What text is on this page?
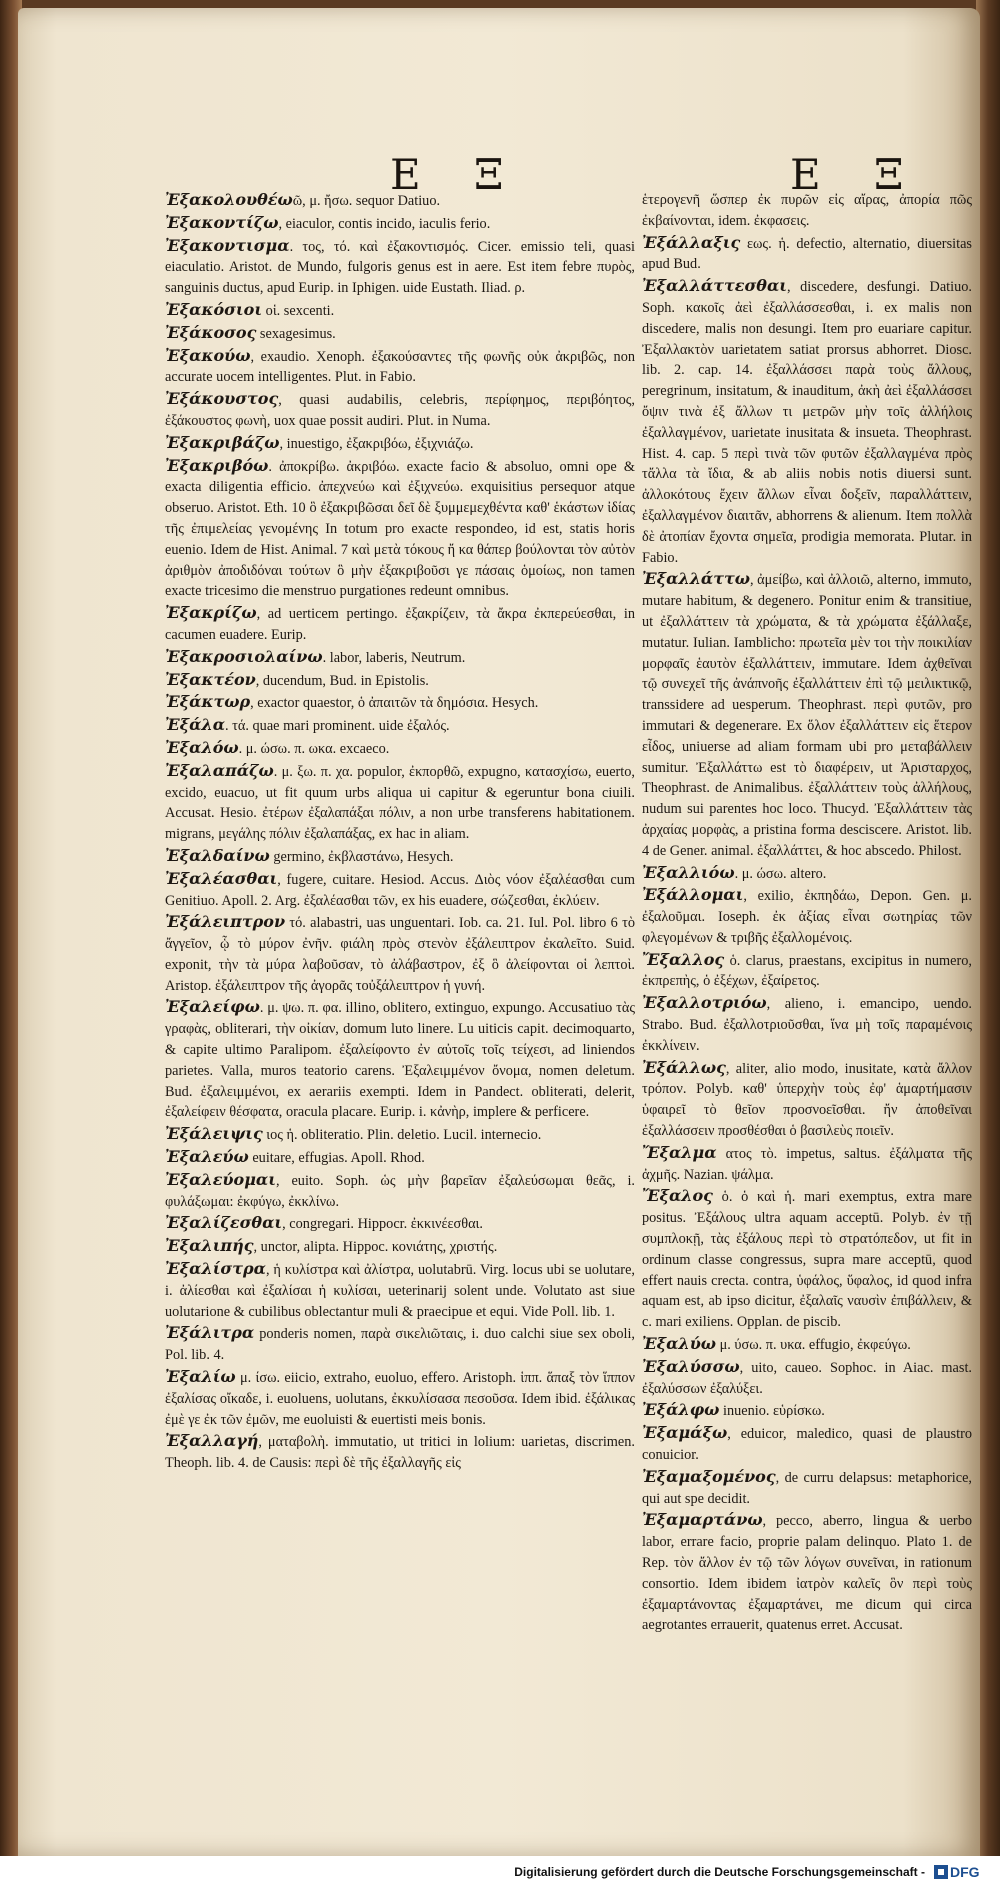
Ε Ξ	Ε Ξ

Ἐξακολουθέωῶ, μ. ἤσω. sequor Datiuo.

Ἐξακοντίζω, eiaculor, contis incido, iaculis ferio.

Ἐξακοντισμα. τος, τό. καὶ ἐξακοντισμός. Cicer. emissio teli, quasi eiaculatio. Aristot. de Mundo, fulgoris genus est in aere. Est item febre πυρὸς, sanguinis ductus, apud Eurip. in Iphigen. uide Eustath. Iliad. ρ.

Ἐξακόσιοι οἱ. sexcenti.

Ἐξάκοσος sexagesimus.

Ἐξακούω, exaudio. Xenoph. ἐξακούσαντες τῆς φωνῆς οὐκ ἀκριβῶς, non accurate uocem intelligentes. Plut. in Fabio.

Ἐξάκουστος, quasi audabilis, celebris, περίφημος, περιβόητος, ἐξάκουστος φωνὴ, uox quae possit audiri. Plut. in Numa.

Ἐξακριβάζω, inuestigo, ἐξακριβόω, ἐξιχνιάζω.

Ἐξακριβόω. ἀποκρίβω. ἀκριβόω. exacte facio & absoluo, omni ope & exacta diligentia efficio. ἀπεχνεύω καὶ ἐξιχνεύω. exquisitius persequor atque obseruo. Aristot. Eth. 10 ὃ ἐξακριβῶσαι δεῖ δὲ ξυμμεμεχθέντα καθ' ἑκάστων ἰδίας τῆς ἐπιμελείας γενομένης In totum pro exacte respondeo, id est, statis horis euenio. Idem de Hist. Animal. 7 καὶ μετὰ τόκους ἤ κα θάπερ βούλονται τὸν αὐτὸν ἀριθμὸν ἀποδιδόναι τούτων ὃ μὴν ἐξακριβοῦσι γε πάσαις ὁμοίως, non tamen exacte tricesimo die menstruo purgationes redeunt omnibus.

Ἐξακρίζω, ad uerticem pertingo. ἐξακρίζειν, τὰ ἄκρα ἐκπερεύεσθαι, in cacumen euadere. Eurip.

Ἐξακροσιολαίνω. labor, laberis, Neutrum.

Ἐξακτέον, ducendum, Bud. in Epistolis.

Ἐξάκτωρ, exactor quaestor, ὁ ἀπαιτῶν τὰ δημόσια. Hesych.

Ἐξάλα. τά. quae mari prominent. uide ἐξαλός.

Ἐξαλόω. μ. ώσω. π. ωκα. excaeco.

Ἐξαλαπάζω. μ. ξω. π. χα. populor, ἐκπορθῶ, expugno, κατασχίσω, euerto, excido, euacuo, ut fit quum urbs aliqua ui capitur & egeruntur bona ciuili. Accusat. Hesio. ἐτέρων ἐξαλαπάξαι πόλιν, a non urbe transferens habitationem. migrans, μεγάλης πόλιν ἐξαλαπάξας, ex hac in aliam.

Ἐξαλδαίνω germino, ἐκβλαστάνω, Hesych.

Ἐξαλέασθαι, fugere, cuitare. Hesiod. Accus. Διὸς νόον ἐξαλέασθαι cum Genitiuo. Apoll. 2. Arg. ἐξαλέασθαι τῶν, ex his euadere, σώζεσθαι, ἐκλύειν.

Ἐξάλειπτρον τό. alabastri, uas unguentari. Iob. ca. 21. Iul. Pol. libro 6 τὸ ἄγγεῖον, ᾧ τὸ μύρον ἐνῆν. φιάλη πρὸς στενὸν ἐξάλειπτρον ἐκαλεῖτο. Suid. exponit, τὴν τὰ μύρα λαβοῦσαν, τὸ ἀλάβαστρον, ἐξ ὃ ἀλείφονται οἱ λεπτοὶ. Aristop. ἐξάλειπτρον τῆς ἀγορᾶς τοὐξάλειπτρον ἡ γυνή.

Ἐξαλείφω. μ. ψω. π. φα. illino, oblitero, extinguo, expungo. Accusatiuo τὰς γραφὰς, obliterari, τὴν οἰκίαν, domum luto linere. Lu uiticis capit. decimoquarto, & capite ultimo Paralipom. ἐξαλείφοντο ἐν αὐτοῖς τοῖς τείχεσι, ad liniendos parietes. Valla, muros teatorio carens. Ἐξαλειμμένον ὄνομα, nomen deletum. Bud. ἐξαλειμμένοι, ex aerariis exempti. Idem in Pandect. obliterati, delerit, ἐξαλείφειν θέσφατα, oracula placare. Eurip. i. κἀνὴρ, implere & perficere.

Ἐξάλειψις ιος ἡ. obliteratio. Plin. deletio. Lucil. internecio.

Ἐξαλεύω euitare, effugias. Apoll. Rhod.

Ἐξαλεύομαι, euito. Soph. ὡς μὴν βαρεῖαν ἐξαλεύσωμαι θεᾶς, i. φυλάξωμαι: ἐκφύγω, ἐκκλίνω.

Ἐξαλίζεσθαι, congregari. Hippocr. ἐκκινέεσθαι.

Ἐξαλιπής, unctor, alipta. Hippoc. κονιάτης, χριστής.

Ἐξαλίστρα, ἡ κυλίστρα καὶ ἀλίστρα, uolutabrū. Virg. locus ubi se uolutare, i. ἀλίεσθαι καὶ ἐξαλίσαι ἡ κυλίσαι, ueterinarij solent unde. Volutato ast siue uolutarione & cubilibus oblectantur muli & praecipue et equi. Vide Poll. lib. 1.

Ἐξάλιτρα ponderis nomen, παρὰ σικελιῶταις, i. duo calchi siue sex oboli, Pol. lib. 4.

Ἐξαλίω μ. ίσω. eiicio, extraho, euoluo, effero. Aristoph. ἱππ. ἅπαξ τὸν ἵππον ἐξαλίσας οἴκαδε, i. euoluens, uolutans, ἐκκυλίσασα πεσοῦσα. Idem ibid. ἐξάλικας ἐμὲ γε ἐκ τῶν ἐμῶν, me euoluisti & euertisti meis bonis.

Ἐξαλλαγή, ματαβολὴ. immutatio, ut tritici in lolium: uarietas, discrimen. Theoph. lib. 4. de Causis: περὶ δὲ τῆς ἐξαλλαγῆς εἰς

ἑτερογενῆ ὥσπερ ἐκ πυρῶν εἰς αἴρας, ἀπορία πῶς ἐκβαίνονται, idem. ἐκφασεις.

Ἐξάλλαξις εως. ἡ. defectio, alternatio, diuersitas apud Bud.

Ἐξαλλάττεσθαι, discedere, desfungi. Datiuo. Soph. κακοῖς ἀεὶ ἐξαλλάσσεσθαι, i. ex malis non discedere, malis non desungi. Item pro euariare capitur. Ἐξαλλακτὸν uarietatem satiat prorsus abhorret. Diosc. lib. 2. cap. 14. ἐξαλλάσσει παρὰ τοὺς ἄλλους, peregrinum, insitatum, & inauditum, ἀκὴ ἀεὶ ἐξαλλάσσει ὄψιν τινὰ ἐξ ἄλλων τι μετρῶν μὴν τοῖς ἀλλήλοις ἐξαλλαγμένον, uarietate inusitata & insueta. Theophrast. Hist. 4. cap. 5 περὶ τινὰ τῶν φυτῶν ἐξαλλαγμένα πρὸς τἄλλα τὰ ἴδια, & ab aliis nobis notis diuersi sunt. ἀλλοκότους ἔχειν ἄλλων εἶναι δοξεῖν, παραλλάττειν, ἐξαλλαγμένον διαιτᾶν, abhorrens & alienum. Item πολλὰ δὲ ἀτοπίαν ἔχοντα σημεῖα, prodigia memorata. Plutar. in Fabio.

Ἐξαλλάττω, ἀμείβω, καὶ ἀλλοιῶ, alterno, immuto, mutare habitum, & degenero. Ponitur enim & transitiue, ut ἐξαλλάττειν τὰ χρώματα, & τὰ χρώματα ἐξάλλαξε, mutatur. Iulian. Iamblicho: πρωτεῖα μὲν τοι τὴν ποικιλίαν μορφαῖς ἑαυτὸν ἐξαλλάττειν, immutare. Idem ἀχθεῖναι τῷ συνεχεῖ τῆς ἀνάπνοῆς ἐξαλλάττειν ἐπὶ τῷ μειλικτικῷ, transsidere ad uesperum. Theophrast. περὶ φυτῶν, pro immutari & degenerare. Ex ὅλον ἐξαλλάττειν εἰς ἕτερον εἶδος, uniuerse ad aliam formam ubi pro μεταβάλλειν sumitur. Ἐξαλλάττω est τὸ διαφέρειν, ut Ἀρισταρχος, Theophrast. de Animalibus. ἐξαλλάττειν τοὺς ἀλλήλους, nudum sui parentes hoc loco. Thucyd. Ἐξαλλάττειν τὰς ἀρχαίας μορφὰς, a pristina forma desciscere. Aristot. lib. 4 de Gener. animal. ἐξαλλάττει, & hoc abscedo. Philost.

Ἐξαλλιόω. μ. ώσω. altero.

Ἐξάλλομαι, exilio, ἐκπηδάω, Depon. Gen. μ. ἐξαλοῦμαι. Ioseph. ἐκ ἀξίας εἶναι σωτηρίας τῶν φλεγομένων & τριβῆς ἐξαλλομένοις.

Ἔξαλλος ὁ. clarus, praestans, excipitus in numero, ἐκπρεπὴς, ὁ ἐξέχων, ἐξαίρετος.

Ἐξαλλοτριόω, alieno, i. emancipo, uendo. Strabo. Bud. ἐξαλλοτριοῦσθαι, ἵνα μὴ τοῖς παραμένοις ἐκκλίνειν.

Ἐξάλλως, aliter, alio modo, inusitate, κατὰ ἄλλον τρόπον. Polyb. καθ' ὑπερχὴν τοὺς ἐφ' ἁμαρτήμασιν ὑφαιρεῖ τὸ θεῖον προσνοεῖσθαι. ἤν ἀποθεῖναι ἐξαλλάσσειν προσθέσθαι ὁ βασιλεὺς ποιεῖν.

Ἔξαλμα ατος τὸ. impetus, saltus. ἐξάλματα τῆς ἀχμῆς. Nazian. ψάλμα.

Ἔξαλος ὁ. ὁ καὶ ἡ. mari exemptus, extra mare positus. Ἐξάλους ultra aquam acceptū. Polyb. ἐν τῇ συμπλοκῇ, τὰς ἐξάλους περὶ τὸ στρατόπεδον, ut fit in ordinum classe congressus, supra mare acceptū, quod effert nauis crecta. contra, ὑφάλος, ὕφαλος, id quod infra aquam est, ab ipso dicitur, ἐξαλαῖς ναυσὶν ἐπιβάλλειν, & c. mari exiliens. Opplan. de piscib.

Ἐξαλύω μ. ύσω. π. υκα. effugio, ἐκφεύγω.

Ἐξαλύσσω, uito, caueo. Sophoc. in Aiac. mast. ἐξαλύσσων ἐξαλύξει.

Ἐξάλφω inuenio. εὑρίσκω.

Ἐξαμάξω, eduicor, maledico, quasi de plaustro conuicior.

Ἐξαμαξομένος, de curru delapsus: metaphorice, qui aut spe decidit.

Ἐξαμαρτάνω, pecco, aberro, lingua & uerbo labor, errare facio, proprie palam delinquo. Plato 1. de Rep. τὸν ἄλλον ἐν τῷ τῶν λόγων συνεῖναι, in rationum consortio. Idem ibidem ἰατρὸν καλεῖς ὃν περὶ τοὺς ἐξαμαρτάνοντας ἐξαμαρτάνει, me dicum qui circa aegrotantes errauerit, quatenus erret. Accusat.

Digitalisierung gefördert durch die Deutsche Forschungsgemeinschaft - DFG
